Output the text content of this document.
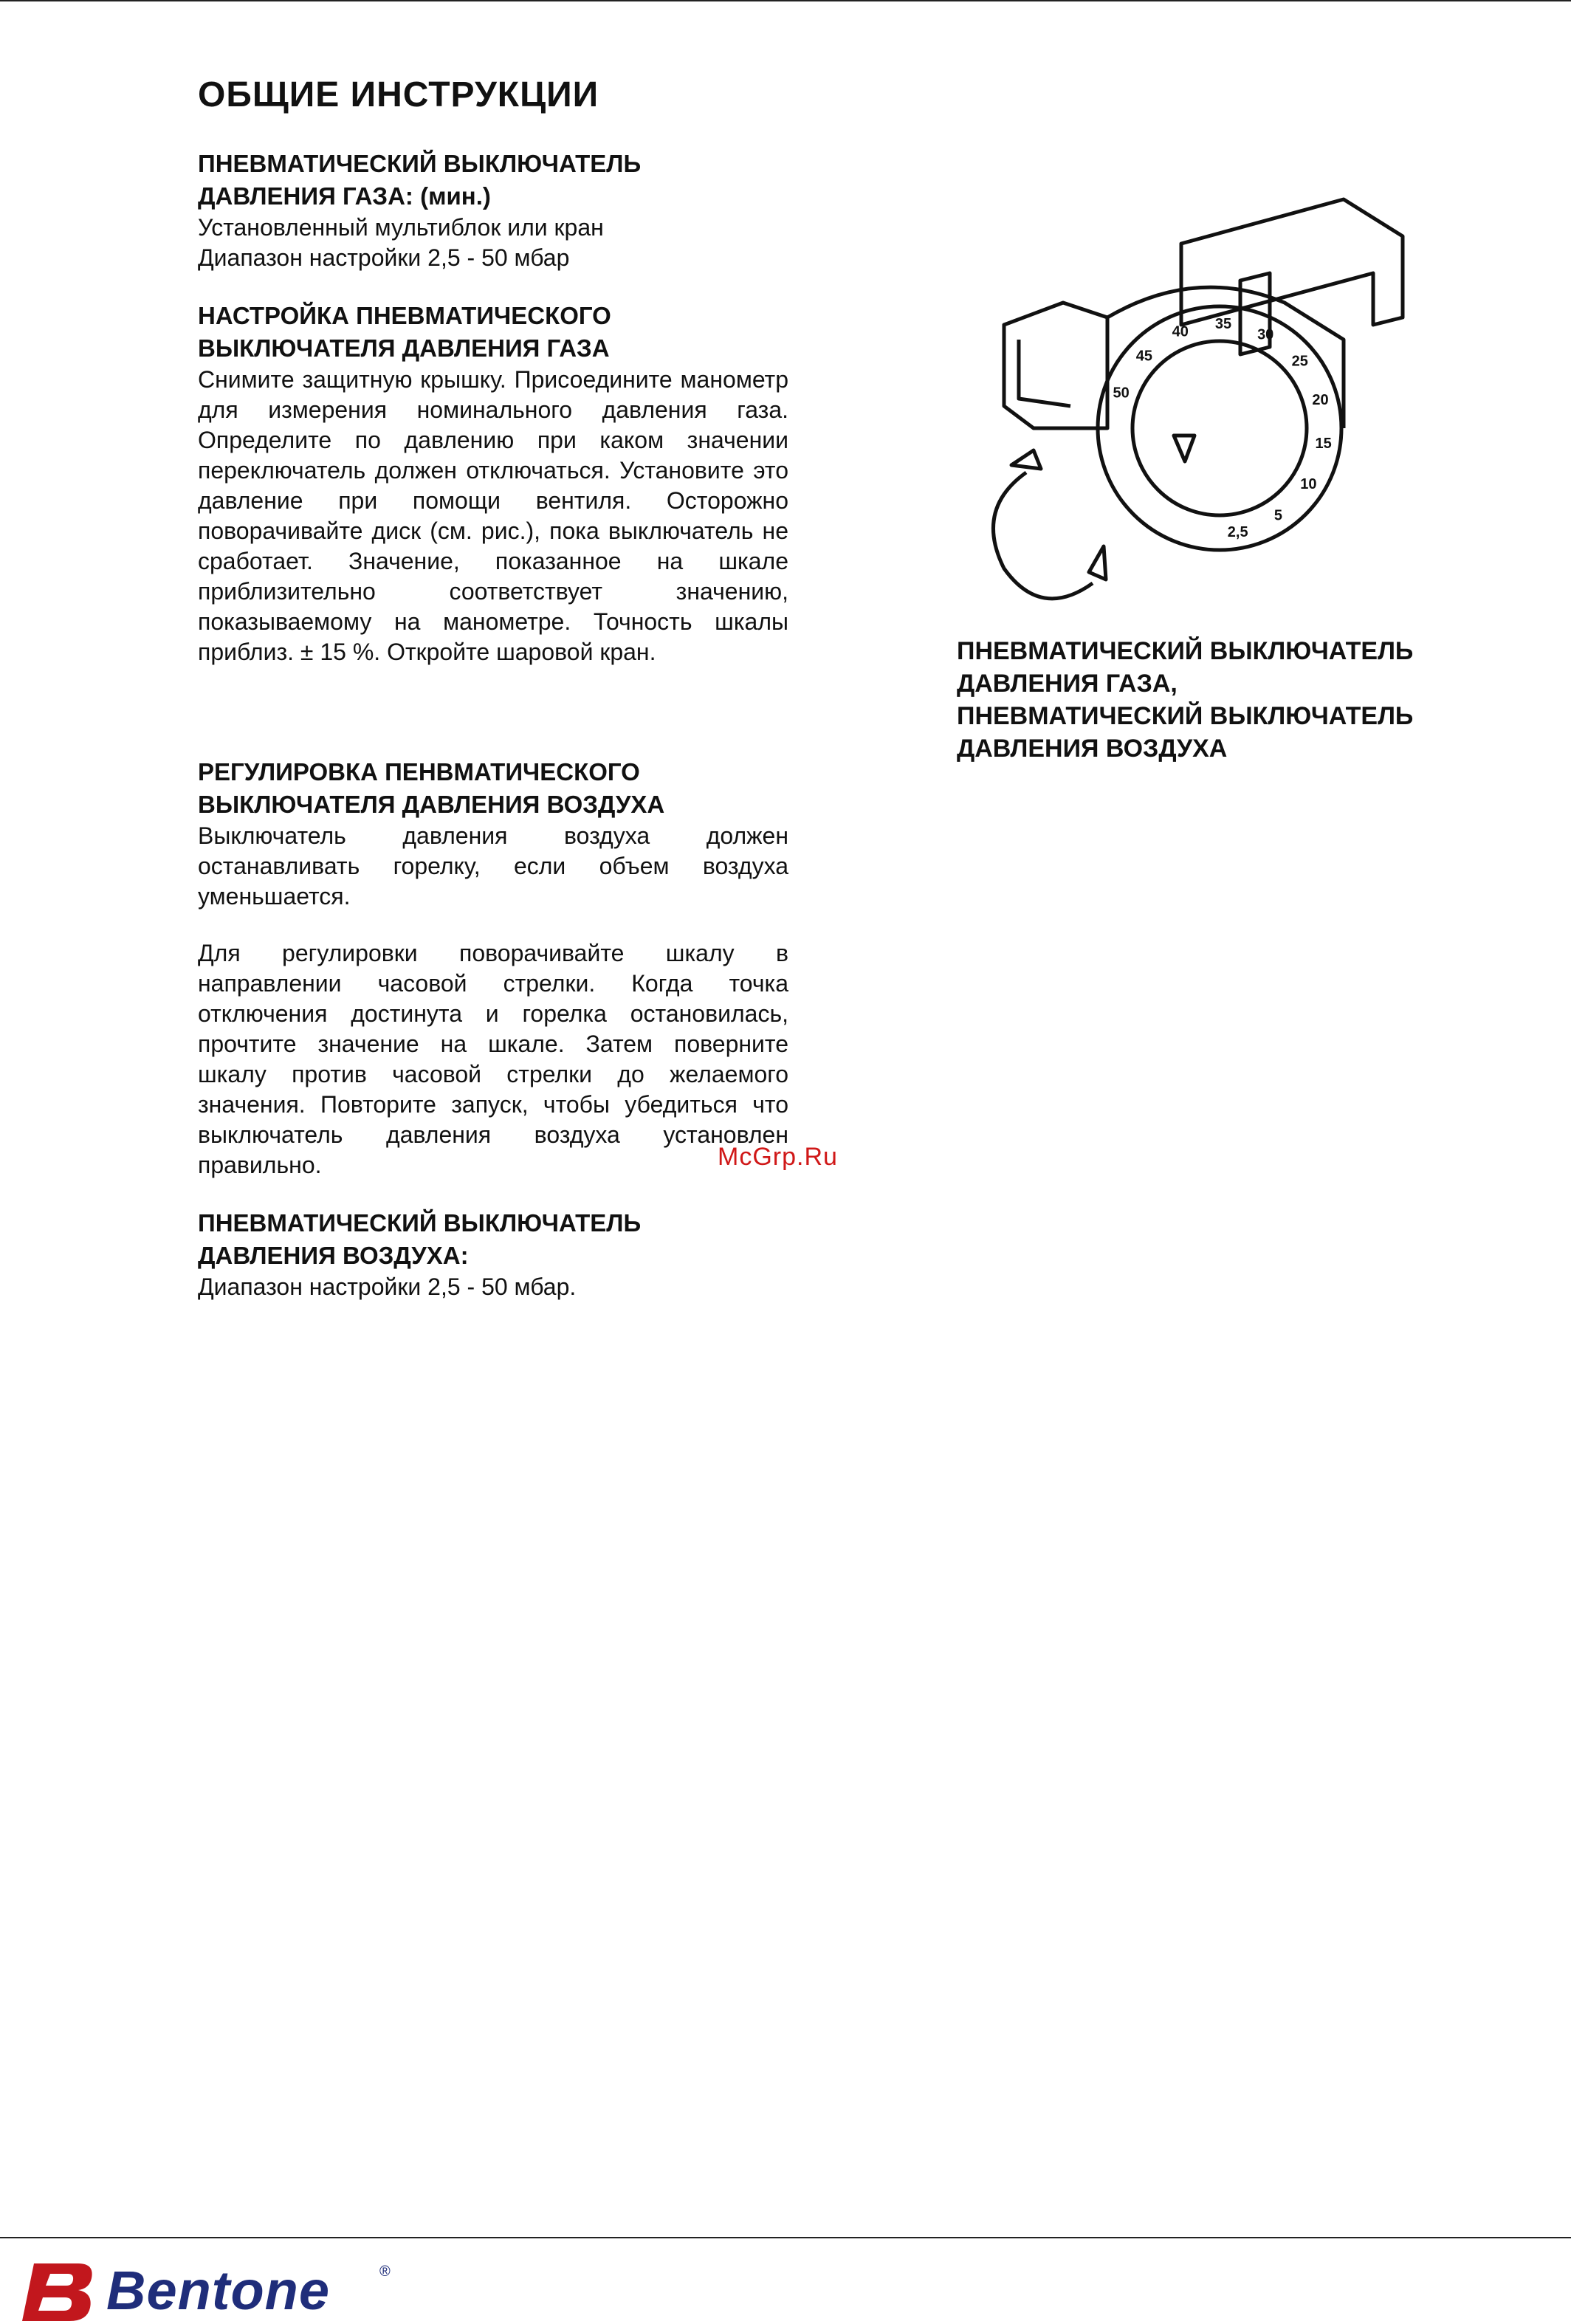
ОБЩИЕ ИНСТРУКЦИИ
ПНЕВМАТИЧЕСКИЙ ВЫКЛЮЧАТЕЛЬ
ДАВЛЕНИЯ ГАЗА: (мин.)
Установленный мультиблок или кран
Диапазон настройки 2,5 - 50 мбар
НАСТРОЙКА ПНЕВМАТИЧЕСКОГО
ВЫКЛЮЧАТЕЛЯ ДАВЛЕНИЯ ГАЗА
Снимите защитную крышку. Присоедините манометр для измерения номинального давления газа. Определите по давлению при каком значении переключатель должен отключаться. Установите это давление при помощи вентиля. Осторожно поворачивайте диск (см. рис.), пока выключатель не сработает. Значение, показанное на шкале приблизительно соответствует значению, показываемому на манометре. Точность шкалы приблиз. ± 15 %. Откройте шаровой кран.
РЕГУЛИРОВКА ПЕНВМАТИЧЕСКОГО
ВЫКЛЮЧАТЕЛЯ ДАВЛЕНИЯ ВОЗДУХА
Выключатель давления воздуха должен останавливать горелку, если объем воздуха уменьшается.
Для регулировки поворачивайте шкалу в направлении часовой стрелки. Когда точка отключения достинута и горелка остановилась, прочтите значение на шкале. Затем поверните шкалу против часовой стрелки до желаемого значения. Повторите запуск, чтобы убедиться что выключатель давления воздуха установлен правильно.
ПНЕВМАТИЧЕСКИЙ ВЫКЛЮЧАТЕЛЬ
ДАВЛЕНИЯ ВОЗДУХА:
Диапазон настройки 2,5 - 50 мбар.
50
45
40 35
30
25
20
15
10
5
2,5
ПНЕВМАТИЧЕСКИЙ ВЫКЛЮЧАТЕЛЬ
ДАВЛЕНИЯ ГАЗА,
ПНЕВМАТИЧЕСКИЙ ВЫКЛЮЧАТЕЛЬ
ДАВЛЕНИЯ ВОЗДУХА
McGrp.Ru
Bentone	®
